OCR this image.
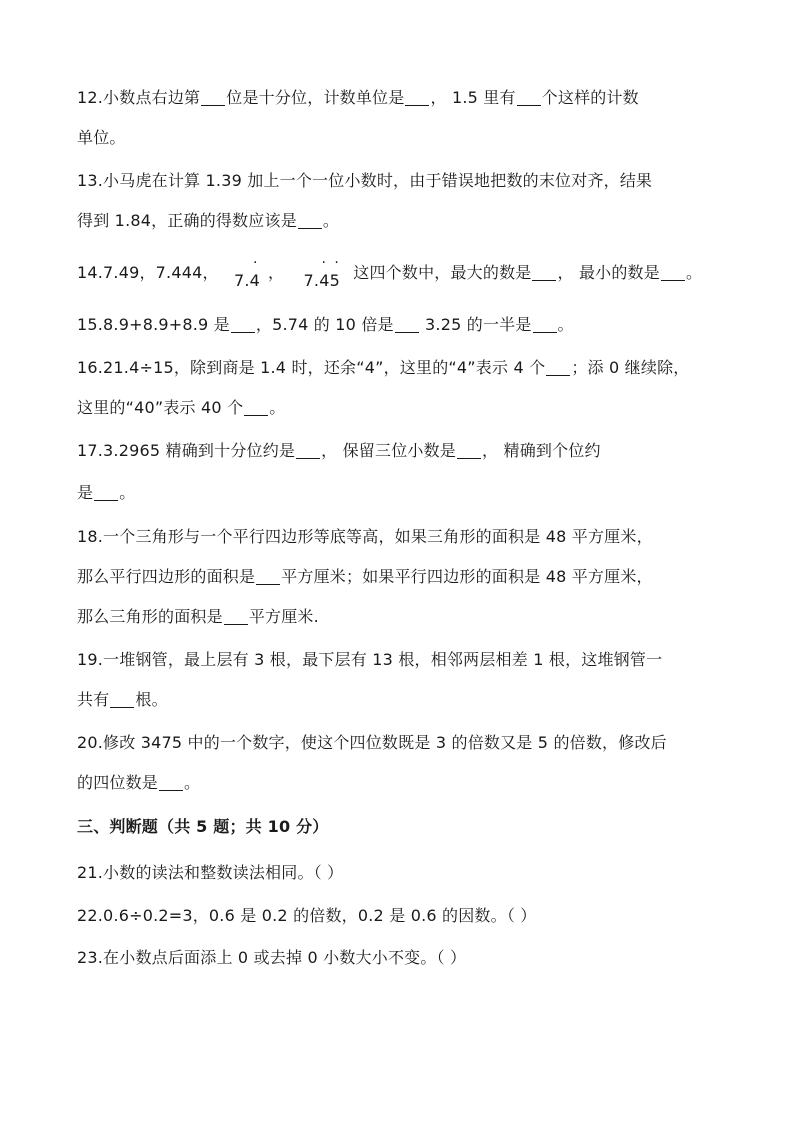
12.小数点右边第 位是十分位，计数单位是 ， 1.5 里有 个这样的计数
单位。
13.小马虎在计算 1.39 加上一个一位小数时，由于错误地把数的末位对齐，结果
得到 1.84，正确的得数应该是 。
14.7.49，7.444， ·
7.4 ，	· ·
7.45 这四个数中，最大的数是 ， 最小的数是 。
15.8.9+8.9+8.9 是 ，5.74 的 10 倍是 3.25 的一半是 。
16.21.4÷15，除到商是 1.4 时，还余“4”，这里的“4”表示 4 个 ；添 0 继续除，
这里的“40”表示 40 个 。
17.3.2965 精确到十分位约是 ， 保留三位小数是 ， 精确到个位约
是 。
18.一个三角形与一个平行四边形等底等高，如果三角形的面积是 48 平方厘米，
那么平行四边形的面积是 平方厘米；如果平行四边形的面积是 48 平方厘米，
那么三角形的面积是 平方厘米.
19.一堆钢管，最上层有 3 根，最下层有 13 根，相邻两层相差 1 根，这堆钢管一
共有 根。
20.修改 3475 中的一个数字，使这个四位数既是 3 的倍数又是 5 的倍数，修改后
的四位数是 。
三、判断题（共 5 题；共 10 分）
21.小数的读法和整数读法相同。（ ）
22.0.6÷0.2=3，0.6 是 0.2 的倍数，0.2 是 0.6 的因数。（ ）
23.在小数点后面添上 0 或去掉 0 小数大小不变。（ ）
